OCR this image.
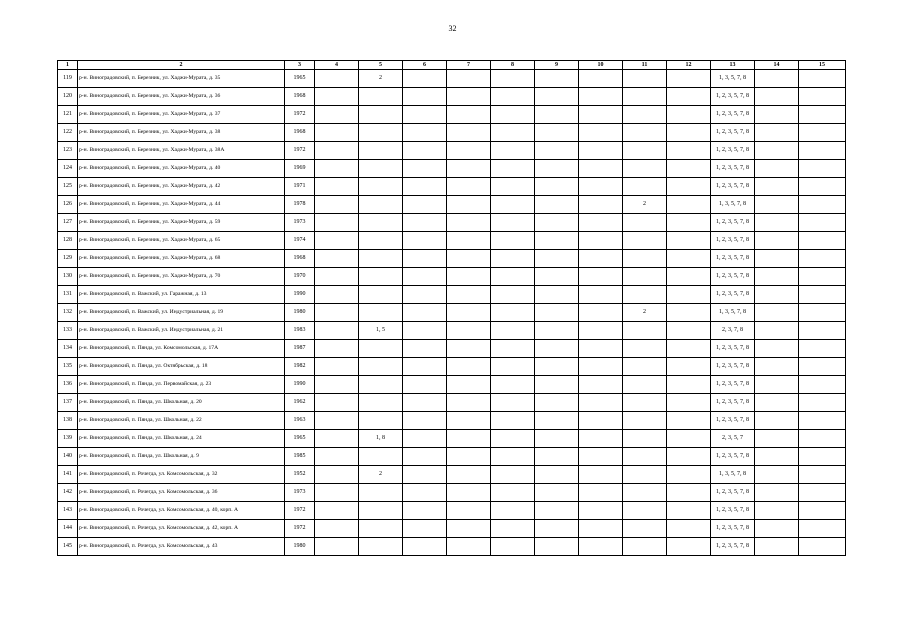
32
1	2	3	4	5	6	7	8	9	10	11	12	13	14	15
119	р-н. Виноградовский, п. Березник, ул. Хаджи-Мурата, д. 35	1965		2								1, 3, 5, 7, 8		
120	р-н. Виноградовский, п. Березник, ул. Хаджи-Мурата, д. 36	1968										1, 2, 3, 5, 7, 8		
121	р-н. Виноградовский, п. Березник, ул. Хаджи-Мурата, д. 37	1972										1, 2, 3, 5, 7, 8		
122	р-н. Виноградовский, п. Березник, ул. Хаджи-Мурата, д. 38	1968										1, 2, 3, 5, 7, 8		
123	р-н. Виноградовский, п. Березник, ул. Хаджи-Мурата, д. 38А	1972										1, 2, 3, 5, 7, 8		
124	р-н. Виноградовский, п. Березник, ул. Хаджи-Мурата, д. 40	1969										1, 2, 3, 5, 7, 8		
125	р-н. Виноградовский, п. Березник, ул. Хаджи-Мурата, д. 42	1971										1, 2, 3, 5, 7, 8		
126	р-н. Виноградовский, п. Березник, ул. Хаджи-Мурата, д. 44	1978								2		1, 3, 5, 7, 8		
127	р-н. Виноградовский, п. Березник, ул. Хаджи-Мурата, д. 59	1973										1, 2, 3, 5, 7, 8		
128	р-н. Виноградовский, п. Березник, ул. Хаджи-Мурата, д. 65	1974										1, 2, 3, 5, 7, 8		
129	р-н. Виноградовский, п. Березник, ул. Хаджи-Мурата, д. 68	1968										1, 2, 3, 5, 7, 8		
130	р-н. Виноградовский, п. Березник, ул. Хаджи-Мурата, д. 70	1970										1, 2, 3, 5, 7, 8		
131	р-н. Виноградовский, п. Важский, ул. Гаражная, д. 13	1990										1, 2, 3, 5, 7, 8		
132	р-н. Виноградовский, п. Важский, ул. Индустриальная, д. 19	1980								2		1, 3, 5, 7, 8		
133	р-н. Виноградовский, п. Важский, ул. Индустриальная, д. 21	1983		1, 5								2, 3, 7, 8		
134	р-н. Виноградовский, п. Пяндa, ул. Комсомольская, д. 17А	1987										1, 2, 3, 5, 7, 8		
135	р-н. Виноградовский, п. Пянда, ул. Октябрьская, д. 18	1982										1, 2, 3, 5, 7, 8		
136	р-н. Виноградовский, п. Пянда, ул. Первомайская, д. 23	1990										1, 2, 3, 5, 7, 8		
137	р-н. Виноградовский, п. Пянда, ул. Школьная, д. 20	1962										1, 2, 3, 5, 7, 8		
138	р-н. Виноградовский, п. Пянда, ул. Школьная, д. 22	1963										1, 2, 3, 5, 7, 8		
139	р-н. Виноградовский, п. Пянда, ул. Школьная, д. 24	1965		1, 8								2, 3, 5, 7		
140	р-н. Виноградовский, п. Пянда, ул. Школьная, д. 9	1985										1, 2, 3, 5, 7, 8		
141	р-н. Виноградовский, п. Рочегда, ул. Комсомольская, д. 32	1952		2								1, 3, 5, 7, 8		
142	р-н. Виноградовский, п. Рочегда, ул. Комсомольская, д. 36	1973										1, 2, 3, 5, 7, 8		
143	р-н. Виноградовский, п. Рочегда, ул. Комсомольская, д. 40, корп. А	1972										1, 2, 3, 5, 7, 8		
144	р-н. Виноградовский, п. Рочегда, ул. Комсомольская, д. 42, корп. А	1972										1, 2, 3, 5, 7, 8		
145	р-н. Виноградовский, п. Рочегда, ул. Комсомольская, д. 43	1980										1, 2, 3, 5, 7, 8		
